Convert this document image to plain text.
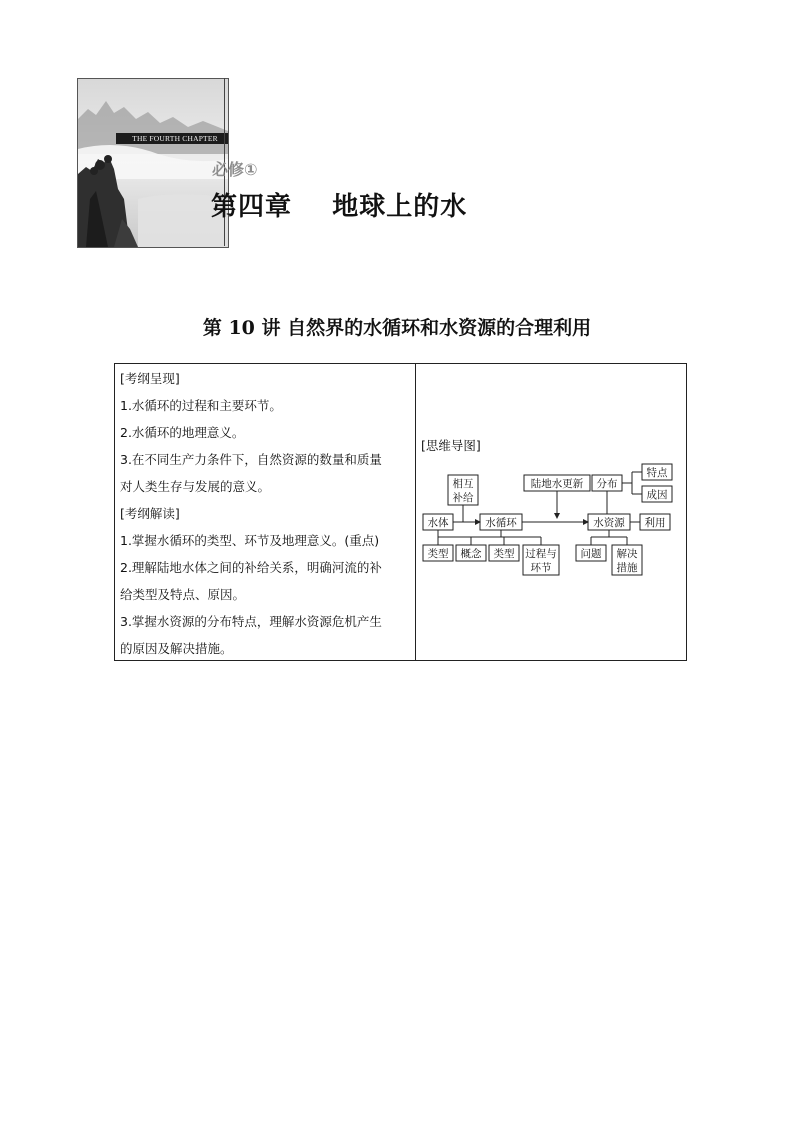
THE FOURTH CHAPTER
必修①
第四章    地球上的水
第 10 讲 自然界的水循环和水资源的合理利用
[考纲呈现]
1.水循环的过程和主要环节。
2.水循环的地理意义。
3.在不同生产力条件下，自然资源的数量和质量
对人类生存与发展的意义。
[考纲解读]
1.掌握水循环的类型、环节及地理意义。(重点)
2.理解陆地水体之间的补给关系，明确河流的补
给类型及特点、原因。
3.掌握水资源的分布特点，理解水资源危机产生
的原因及解决措施。
[思维导图]
相互
补给
陆地水更新 分布
特点
成因
水体	水循环	水资源 利用
类型 概念 类型 过程与
环节
问题 解决
措施
